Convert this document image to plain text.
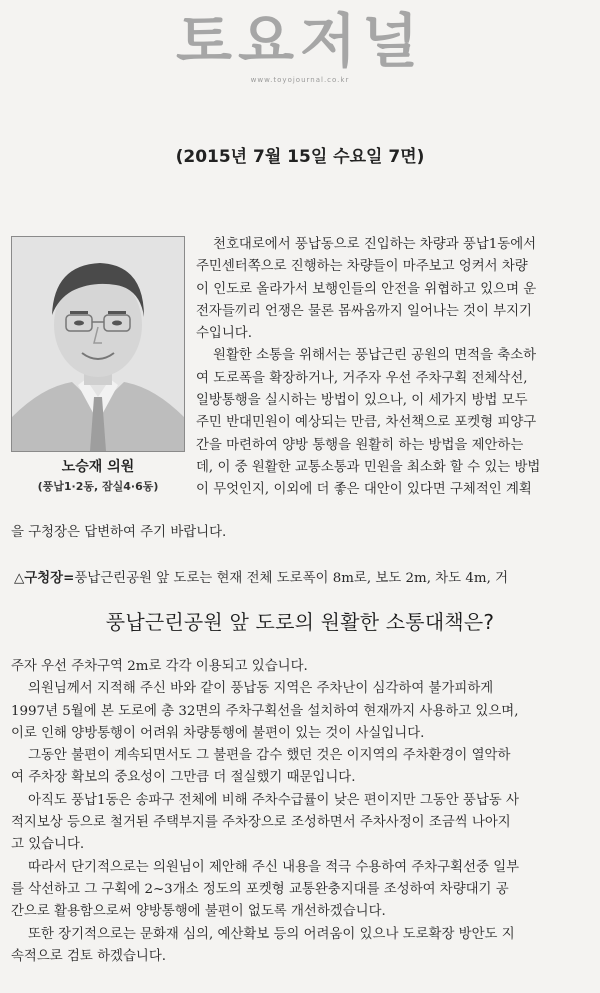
토요저널
www.toyojournal.co.kr
(2015년 7월 15일 수요일 7면)
노승재 의원
(풍납1·2동, 잠실4·6동)

천호대로에서 풍납동으로 진입하는 차량과 풍납1동에서

주민센터쪽으로 진행하는 차량들이 마주보고 엉켜서 차량

이 인도로 올라가서 보행인들의 안전을 위협하고 있으며 운

전자들끼리 언쟁은 물론 몸싸움까지 일어나는 것이 부지기

수입니다.

원활한 소통을 위해서는 풍납근린 공원의 면적을 축소하

여 도로폭을 확장하거나, 거주자 우선 주차구획 전체삭선,

일방통행을 실시하는 방법이 있으나, 이 세가지 방법 모두

주민 반대민원이 예상되는 만큼, 차선책으로 포켓형 피양구

간을 마련하여 양방 통행을 원활히 하는 방법을 제안하는

데, 이 중 원활한 교통소통과 민원을 최소화 할 수 있는 방법

이 무엇인지, 이외에 더 좋은 대안이 있다면 구체적인 계획

을 구청장은 답변하여 주기 바랍니다.

△구청장=풍납근린공원 앞 도로는 현재 전체 도로폭이 8m로, 보도 2m, 차도 4m, 거
풍납근린공원 앞 도로의 원활한 소통대책은?

주자 우선 주차구역 2m로 각각 이용되고 있습니다.

의원님께서 지적해 주신 바와 같이 풍납동 지역은 주차난이 심각하여 불가피하게

1997년 5월에 본 도로에 총 32면의 주차구획선을 설치하여 현재까지 사용하고 있으며,

이로 인해 양방통행이 어려워 차량통행에 불편이 있는 것이 사실입니다.

그동안 불편이 계속되면서도 그 불편을 감수 했던 것은 이지역의 주차환경이 열악하

여 주차장 확보의 중요성이 그만큼 더 절실했기 때문입니다.

아직도 풍납1동은 송파구 전체에 비해 주차수급률이 낮은 편이지만 그동안 풍납동 사

적지보상 등으로 철거된 주택부지를 주차장으로 조성하면서 주차사정이 조금씩 나아지

고 있습니다.

따라서 단기적으로는 의원님이 제안해 주신 내용을 적극 수용하여 주차구획선중 일부

를 삭선하고 그 구획에 2~3개소 정도의 포켓형 교통완충지대를 조성하여 차량대기 공

간으로 활용함으로써 양방통행에 불편이 없도록 개선하겠습니다.

또한 장기적으로는 문화재 심의, 예산확보 등의 어려움이 있으나 도로확장 방안도 지

속적으로 검토 하겠습니다.
